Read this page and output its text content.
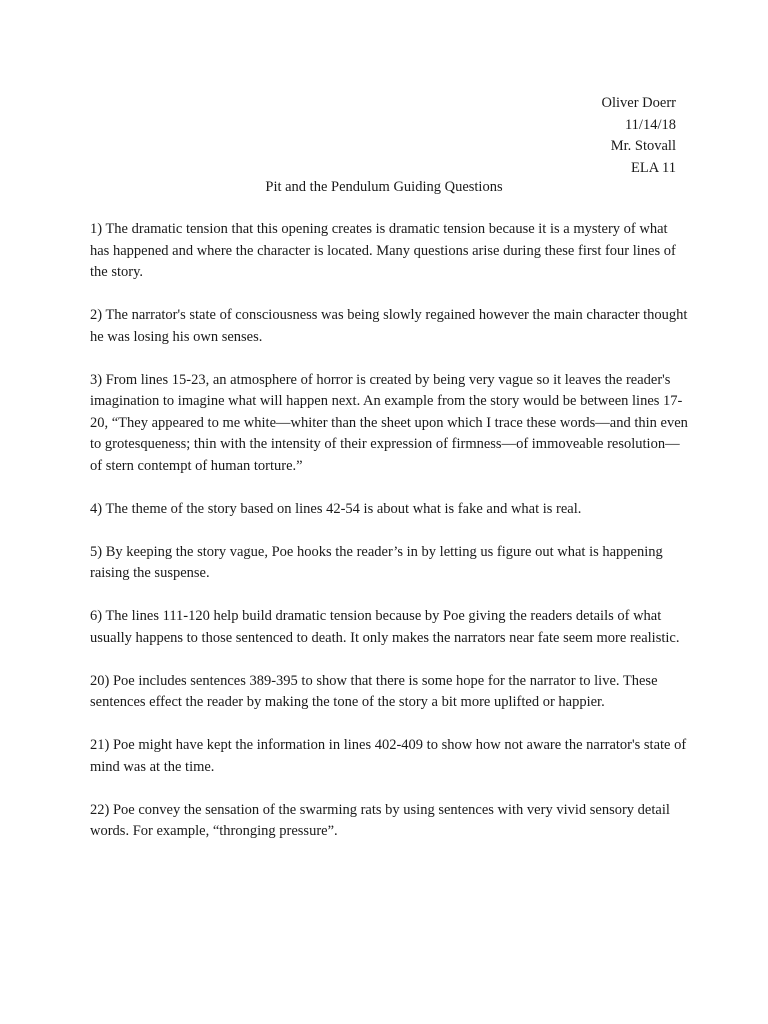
Oliver Doerr
11/14/18
Mr. Stovall
ELA 11
Pit and the Pendulum Guiding Questions

1) The dramatic tension that this opening creates is dramatic tension because it is a mystery of what has happened and where the character is located. Many questions arise during these first four lines of the story.

2) The narrator's state of consciousness was being slowly regained however the main character thought he was losing his own senses.

3) From lines 15-23, an atmosphere of horror is created by being very vague so it leaves the reader's imagination to imagine what will happen next. An example from the story would be between lines 17-20, “They appeared to me white—whiter than the sheet upon which I trace these words—and thin even to grotesqueness; thin with the intensity of their expression of firmness—of immoveable resolution—of stern contempt of human torture.”

4) The theme of the story based on lines 42-54 is about what is fake and what is real.

5) By keeping the story vague, Poe hooks the reader’s in by letting us figure out what is happening raising the suspense.

6) The lines 111-120 help build dramatic tension because by Poe giving the readers details of what usually happens to those sentenced to death. It only makes the narrators near fate seem more realistic.

20) Poe includes sentences 389-395 to show that there is some hope for the narrator to live. These sentences effect the reader by making the tone of the story a bit more uplifted or happier.

21) Poe might have kept the information in lines 402-409 to show how not aware the narrator's state of mind was at the time.

22) Poe convey the sensation of the swarming rats by using sentences with very vivid sensory detail words. For example, “thronging pressure”.
